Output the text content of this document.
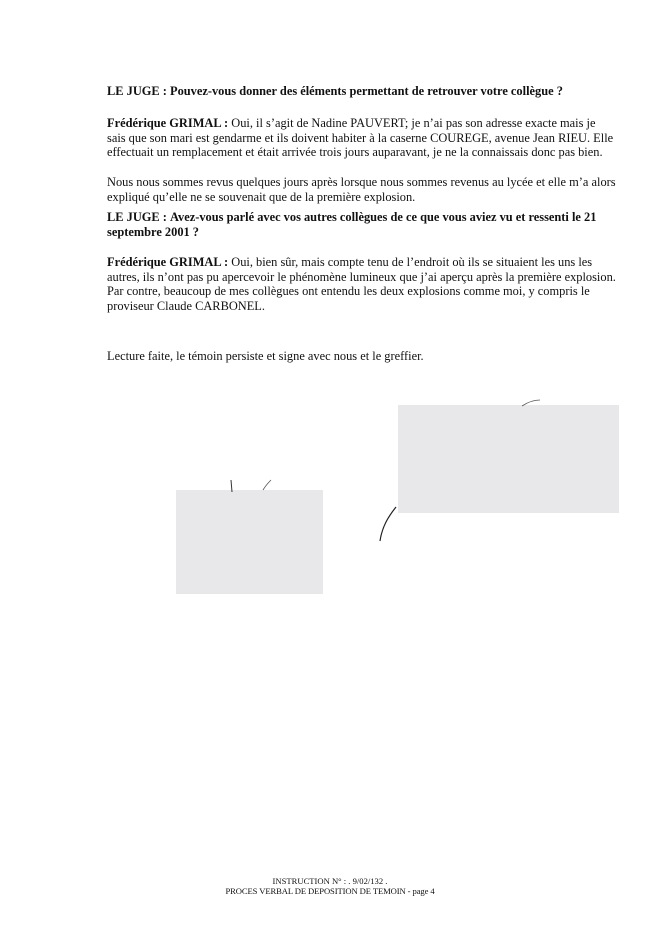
LE JUGE : Pouvez-vous donner des éléments permettant de retrouver votre collègue ?
Frédérique GRIMAL : Oui, il s’agit de Nadine PAUVERT; je n’ai pas son adresse exacte mais je sais que son mari est gendarme et ils doivent habiter à la caserne COUREGE, avenue Jean RIEU. Elle effectuait un remplacement et était arrivée trois jours auparavant, je ne la connaissais donc pas bien.
Nous nous sommes revus quelques jours après lorsque nous sommes revenus au lycée et elle m’a alors expliqué qu’elle ne se souvenait que de la première explosion.
LE JUGE : Avez-vous parlé avec vos autres collègues de ce que vous aviez vu et ressenti le 21 septembre 2001 ?
Frédérique GRIMAL : Oui, bien sûr, mais compte tenu de l’endroit où ils se situaient les uns les autres, ils n’ont pas pu apercevoir le phénomène lumineux que j’ai aperçu après la première explosion. Par contre, beaucoup de mes collègues ont entendu les deux explosions comme moi, y compris le proviseur Claude CARBONEL.
Lecture faite, le témoin persiste et signe avec nous et le greffier.
INSTRUCTION N° : . 9/02/132 .
PROCES VERBAL DE DEPOSITION DE TEMOIN - page 4
